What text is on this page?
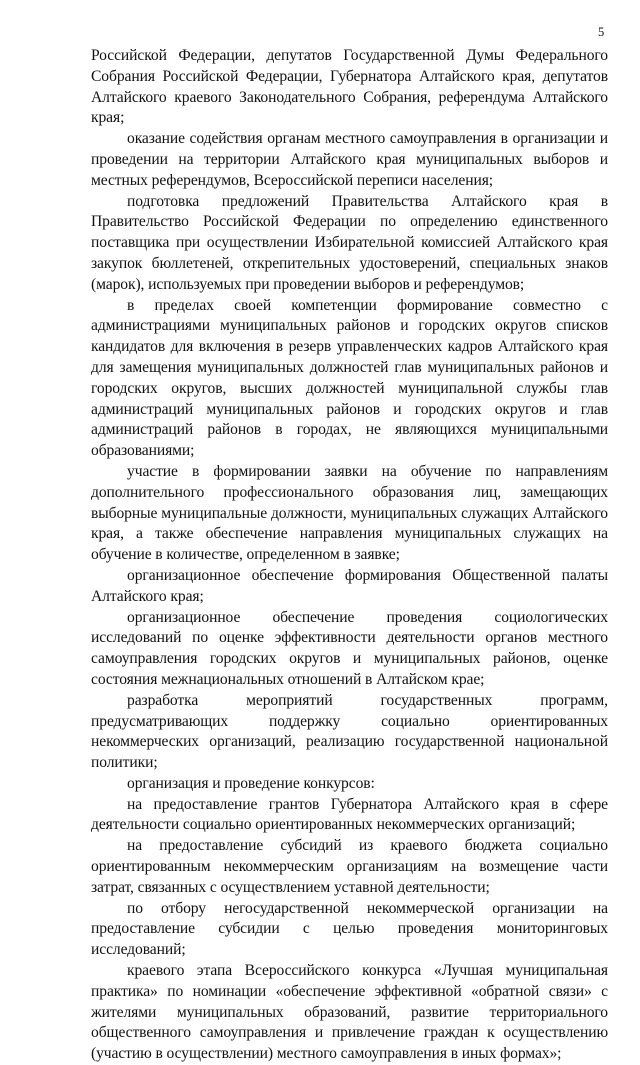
5

Российской Федерации, депутатов Государственной Думы Федерального Собрания Российской Федерации, Губернатора Алтайского края, депутатов Алтайского краевого Законодательного Собрания, референдума Алтайского края;

оказание содействия органам местного самоуправления в организации и проведении на территории Алтайского края муниципальных выборов и местных референдумов, Всероссийской переписи населения;

подготовка предложений Правительства Алтайского края в Правительство Российской Федерации по определению единственного поставщика при осуществлении Избирательной комиссией Алтайского края закупок бюллетеней, открепительных удостоверений, специальных знаков (марок), используемых при проведении выборов и референдумов;

в пределах своей компетенции формирование совместно с администрациями муниципальных районов и городских округов списков кандидатов для включения в резерв управленческих кадров Алтайского края для замещения муниципальных должностей глав муниципальных районов и городских округов, высших должностей муниципальной службы глав администраций муниципальных районов и городских округов и глав администраций районов в городах, не являющихся муниципальными образованиями;

участие в формировании заявки на обучение по направлениям дополнительного профессионального образования лиц, замещающих выборные муниципальные должности, муниципальных служащих Алтайского края, а также обеспечение направления муниципальных служащих на обучение в количестве, определенном в заявке;

организационное обеспечение формирования Общественной палаты Алтайского края;

организационное обеспечение проведения социологических исследований по оценке эффективности деятельности органов местного самоуправления городских округов и муниципальных районов, оценке состояния межнациональных отношений в Алтайском крае;

разработка мероприятий государственных программ, предусматривающих поддержку социально ориентированных некоммерческих организаций, реализацию государственной национальной политики;

организация и проведение конкурсов:

на предоставление грантов Губернатора Алтайского края в сфере деятельности социально ориентированных некоммерческих организаций;

на предоставление субсидий из краевого бюджета социально ориентированным некоммерческим организациям на возмещение части затрат, связанных с осуществлением уставной деятельности;

по отбору негосударственной некоммерческой организации на предоставление субсидии с целью проведения мониторинговых исследований;

краевого этапа Всероссийского конкурса «Лучшая муниципальная практика» по номинации «обеспечение эффективной «обратной связи» с жителями муниципальных образований, развитие территориального общественного самоуправления и привлечение граждан к осуществлению (участию в осуществлении) местного самоуправления в иных формах»;
